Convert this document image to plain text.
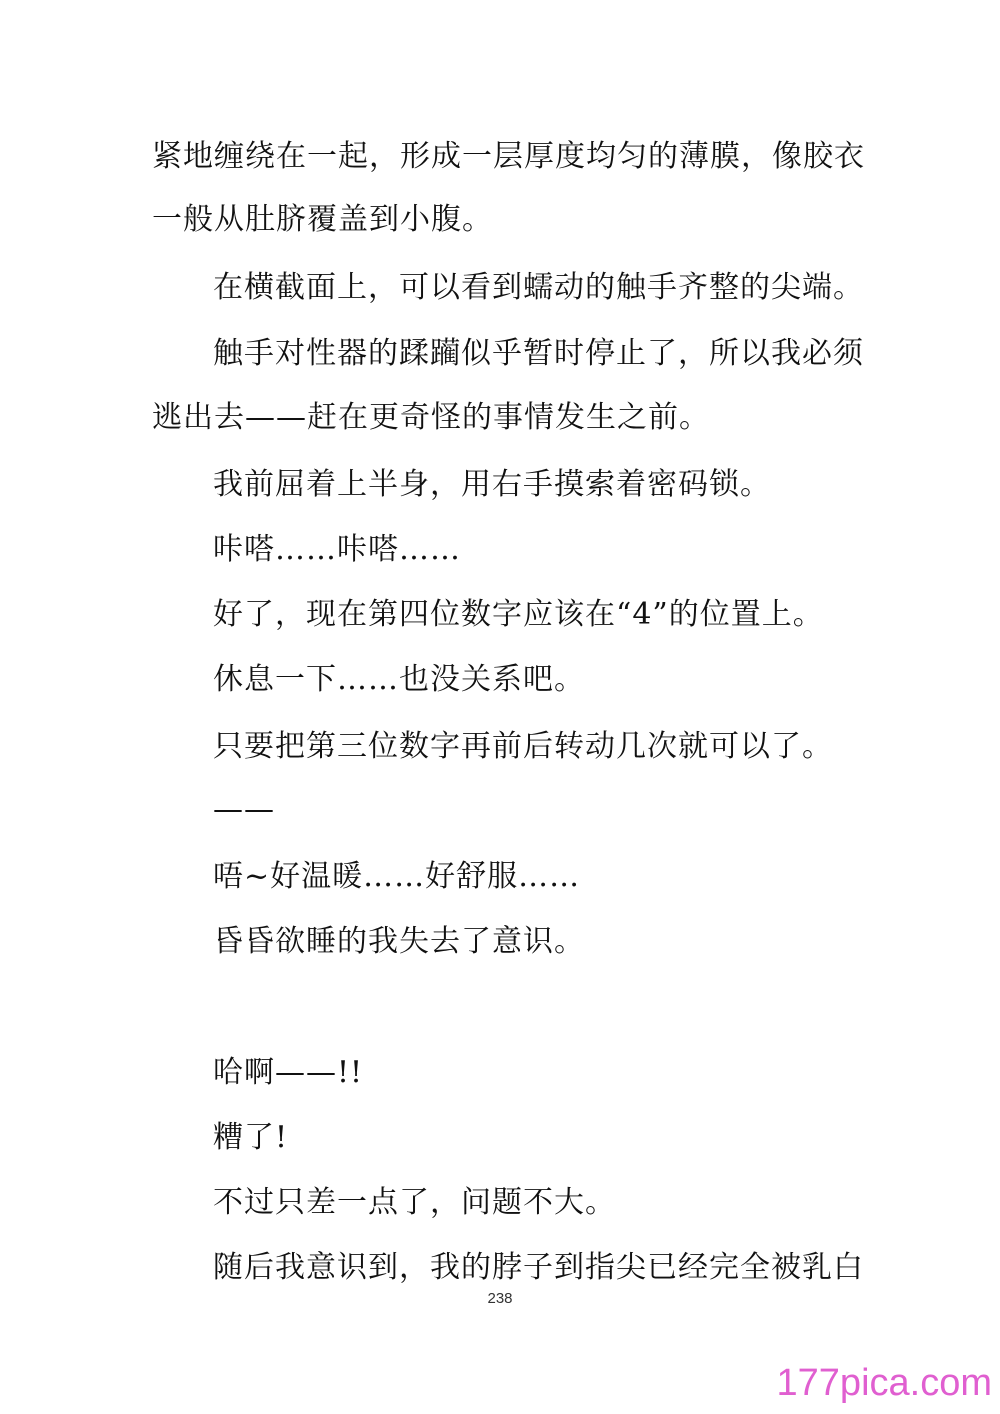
紧地缠绕在一起，形成一层厚度均匀的薄膜，像胶衣
一般从肚脐覆盖到小腹。
在横截面上，可以看到蠕动的触手齐整的尖端。
触手对性器的蹂躏似乎暂时停止了，所以我必须
逃出去——赶在更奇怪的事情发生之前。
我前屈着上半身，用右手摸索着密码锁。
咔嗒……咔嗒……
好了，现在第四位数字应该在“4”的位置上。
休息一下……也没关系吧。
只要把第三位数字再前后转动几次就可以了。
——
唔~好温暖……好舒服……
昏昏欲睡的我失去了意识。
哈啊——!!
糟了!
不过只差一点了，问题不大。
随后我意识到，我的脖子到指尖已经完全被乳白
238
177pica.com
